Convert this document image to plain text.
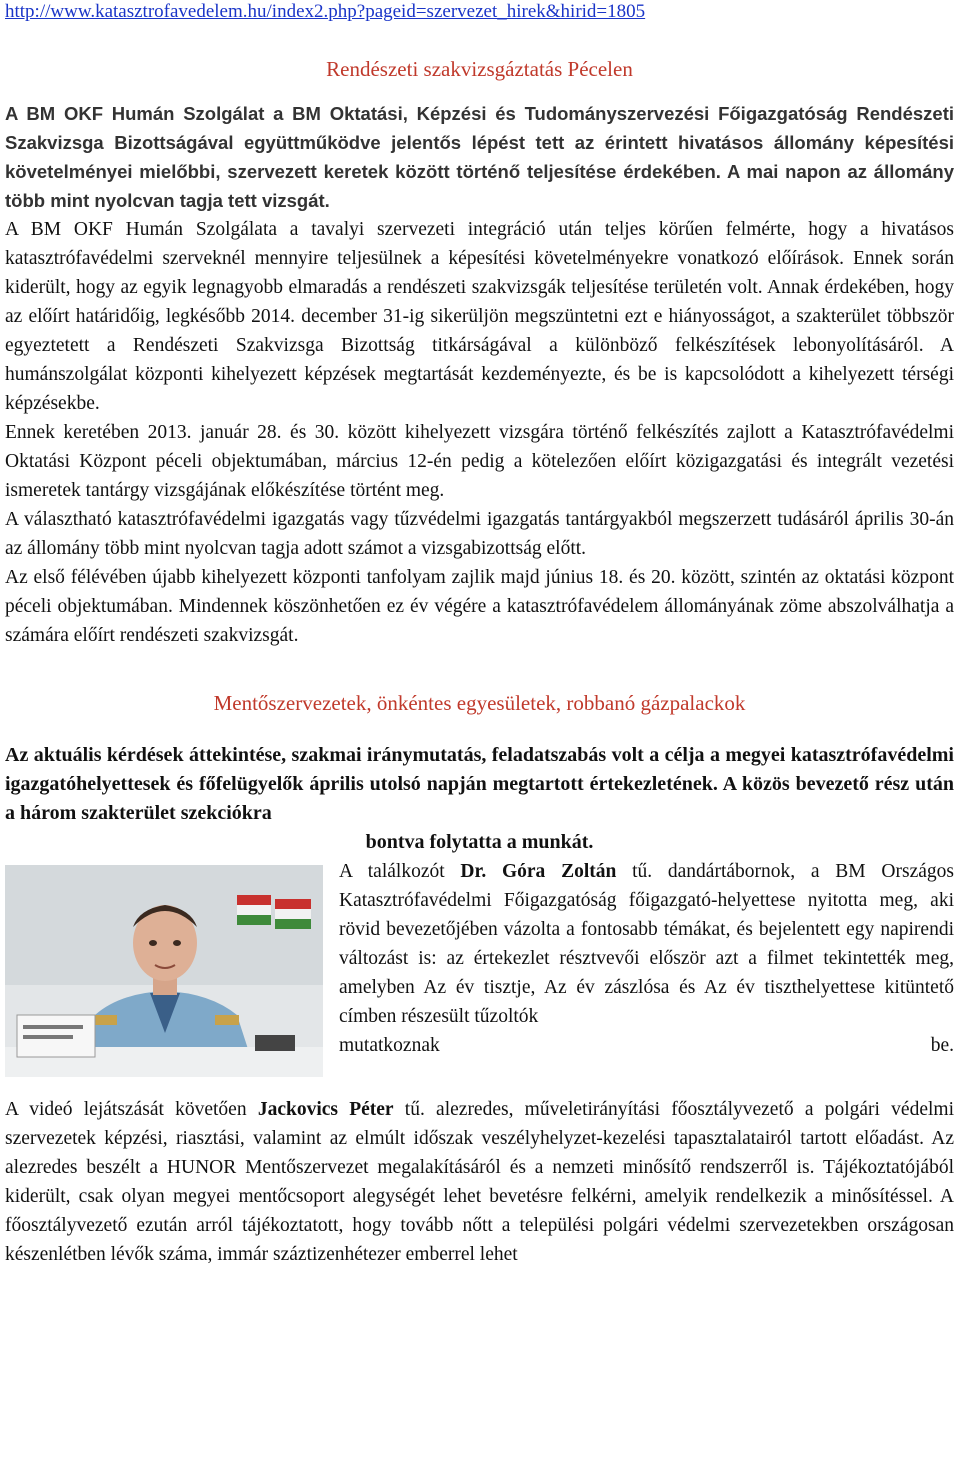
http://www.katasztrofavedelem.hu/index2.php?pageid=szervezet_hirek&hirid=1805
Rendészeti szakvizsgáztatás Pécelen
A BM OKF Humán Szolgálat a BM Oktatási, Képzési és Tudományszervezési Főigazgatóság Rendészeti Szakvizsga Bizottságával együttműködve jelentős lépést tett az érintett hivatásos állomány képesítési követelményei mielőbbi, szervezett keretek között történő teljesítése érdekében. A mai napon az állomány több mint nyolcvan tagja tett vizsgát.

A BM OKF Humán Szolgálata a tavalyi szervezeti integráció után teljes körűen felmérte, hogy a hivatásos katasztrófavédelmi szerveknél mennyire teljesülnek a képesítési követelményekre vonatkozó előírások. Ennek során kiderült, hogy az egyik legnagyobb elmaradás a rendészeti szakvizsgák teljesítése területén volt. Annak érdekében, hogy az előírt határidőig, legkésőbb 2014. december 31-ig sikerüljön megszüntetni ezt e hiányosságot, a szakterület többször egyeztetett a Rendészeti Szakvizsga Bizottság titkárságával a különböző felkészítések lebonyolításáról. A humánszolgálat központi kihelyezett képzések megtartását kezdeményezte, és be is kapcsolódott a kihelyezett térségi képzésekbe.

Ennek keretében 2013. január 28. és 30. között kihelyezett vizsgára történő felkészítés zajlott a Katasztrófavédelmi Oktatási Központ péceli objektumában, március 12-én pedig a kötelezően előírt közigazgatási és integrált vezetési ismeretek tantárgy vizsgájának előkészítése történt meg.

A választható katasztrófavédelmi igazgatás vagy tűzvédelmi igazgatás tantárgyakból megszerzett tudásáról április 30-án az állomány több mint nyolcvan tagja adott számot a vizsgabizottság előtt.

Az első félévében újabb kihelyezett központi tanfolyam zajlik majd június 18. és 20. között, szintén az oktatási központ péceli objektumában. Mindennek köszönhetően ez év végére a katasztrófavédelem állományának zöme abszolválhatja a számára előírt rendészeti szakvizsgát.

Mentőszervezetek, önkéntes egyesületek, robbanó gázpalackok
Az aktuális kérdések áttekintése, szakmai iránymutatás, feladatszabás volt a célja a megyei katasztrófavédelmi igazgatóhelyettesek és főfelügyelők április utolsó napján megtartott értekezletének. A közös bevezető rész után a három szakterület szekciókra
bontva folytatta a munkát.
A találkozót Dr. Góra Zoltán tű. dandártábornok, a BM Országos Katasztrófavédelmi Főigazgatóság főigazgató-helyettese nyitotta meg, aki rövid bevezetőjében vázolta a fontosabb témákat, és bejelentett egy napirendi változást is: az értekezlet résztvevői először azt a filmet tekintették meg, amelyben Az év tisztje, Az év zászlósa és Az év tiszthelyettese kitüntető címben részesült tűzoltók
mutatkoznak be.

A videó lejátszását követően Jackovics Péter tű. alezredes, műveletirányítási főosztályvezető a polgári védelmi szervezetek képzési, riasztási, valamint az elmúlt időszak veszélyhelyzet-kezelési tapasztalatairól tartott előadást. Az alezredes beszélt a HUNOR Mentőszervezet megalakításáról és a nemzeti minősítő rendszerről is. Tájékoztatójából kiderült, csak olyan megyei mentőcsoport alegységét lehet bevetésre felkérni, amelyik rendelkezik a minősítéssel. A főosztályvezető ezután arról tájékoztatott, hogy tovább nőtt a települési polgári védelmi szervezetekben országosan készenlétben lévők száma, immár száztizenhétezer emberrel lehet
